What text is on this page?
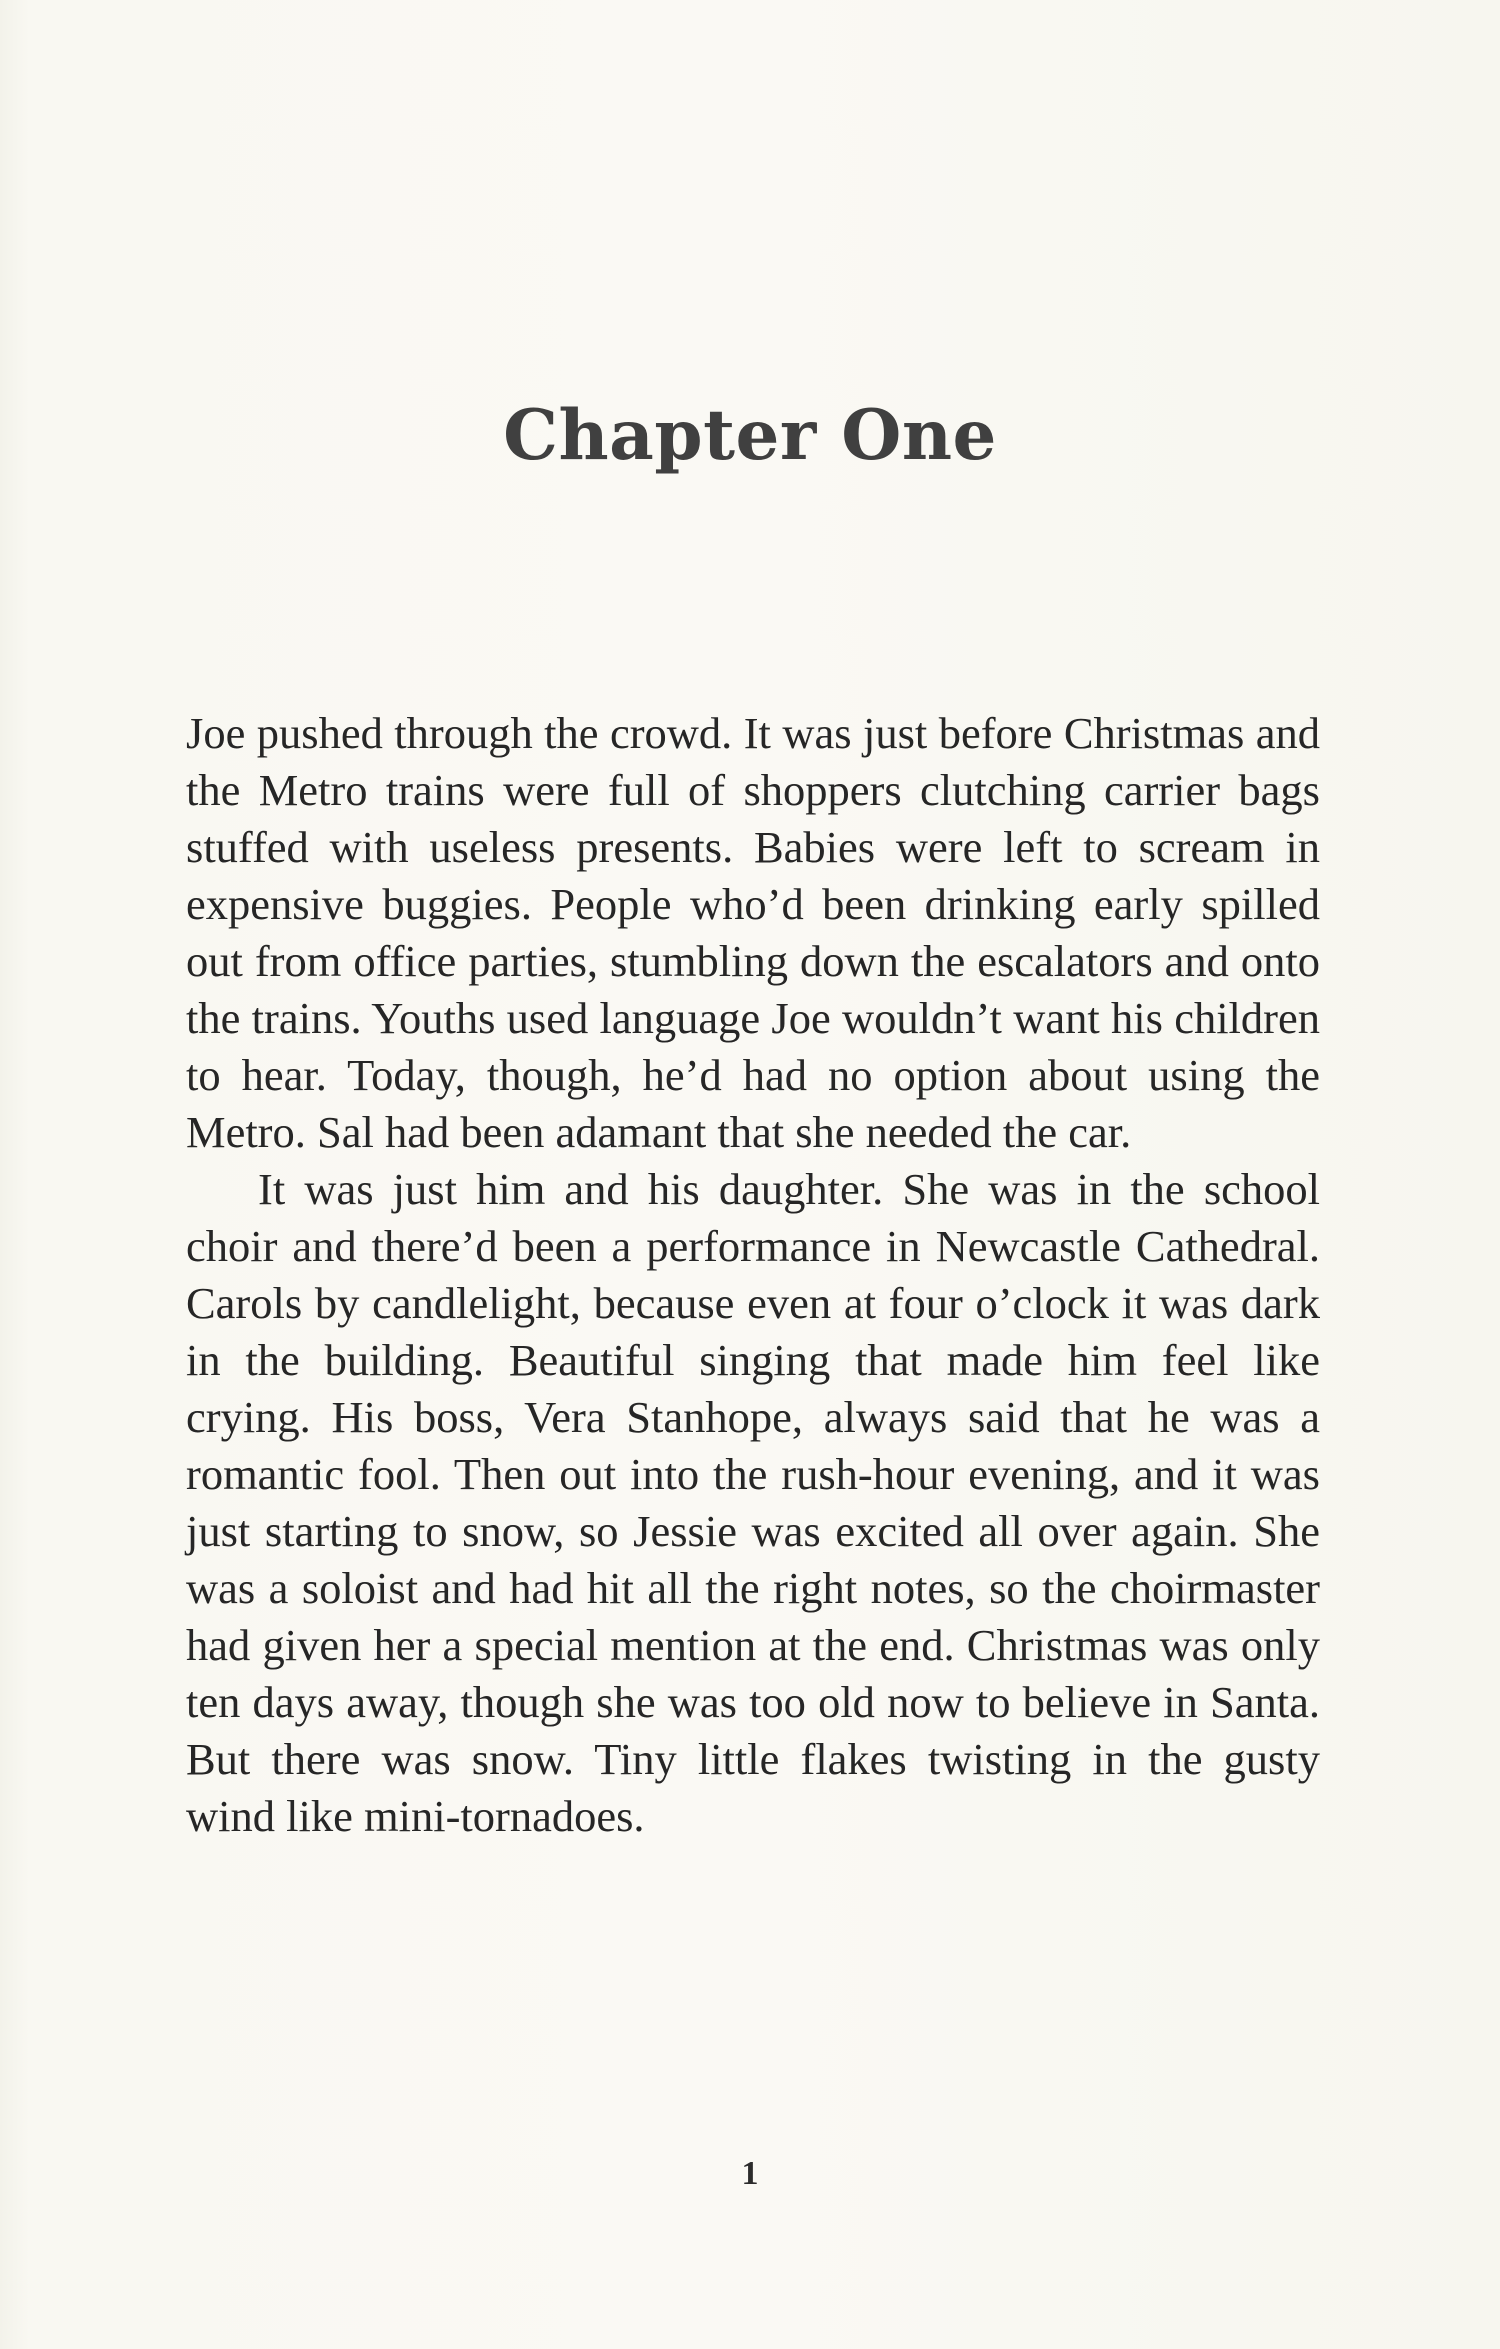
Chapter One

Joe pushed through the crowd. It was just before Christmas and the Metro trains were full of shoppers clutching carrier bags stuffed with useless presents. Babies were left to scream in expensive buggies. People who’d been drinking early spilled out from office parties, stumbling down the escalators and onto the trains. Youths used language Joe wouldn’t want his children to hear. Today, though, he’d had no option about using the Metro. Sal had been adamant that she needed the car.

It was just him and his daughter. She was in the school choir and there’d been a performance in Newcastle Cathedral. Carols by candlelight, because even at four o’clock it was dark in the building. Beautiful singing that made him feel like crying. His boss, Vera Stanhope, always said that he was a romantic fool. Then out into the rush-hour evening, and it was just starting to snow, so Jessie was excited all over again. She was a soloist and had hit all the right notes, so the choirmaster had given her a special mention at the end. Christmas was only ten days away, though she was too old now to believe in Santa. But there was snow. Tiny little flakes twisting in the gusty wind like mini-tornadoes.

1
